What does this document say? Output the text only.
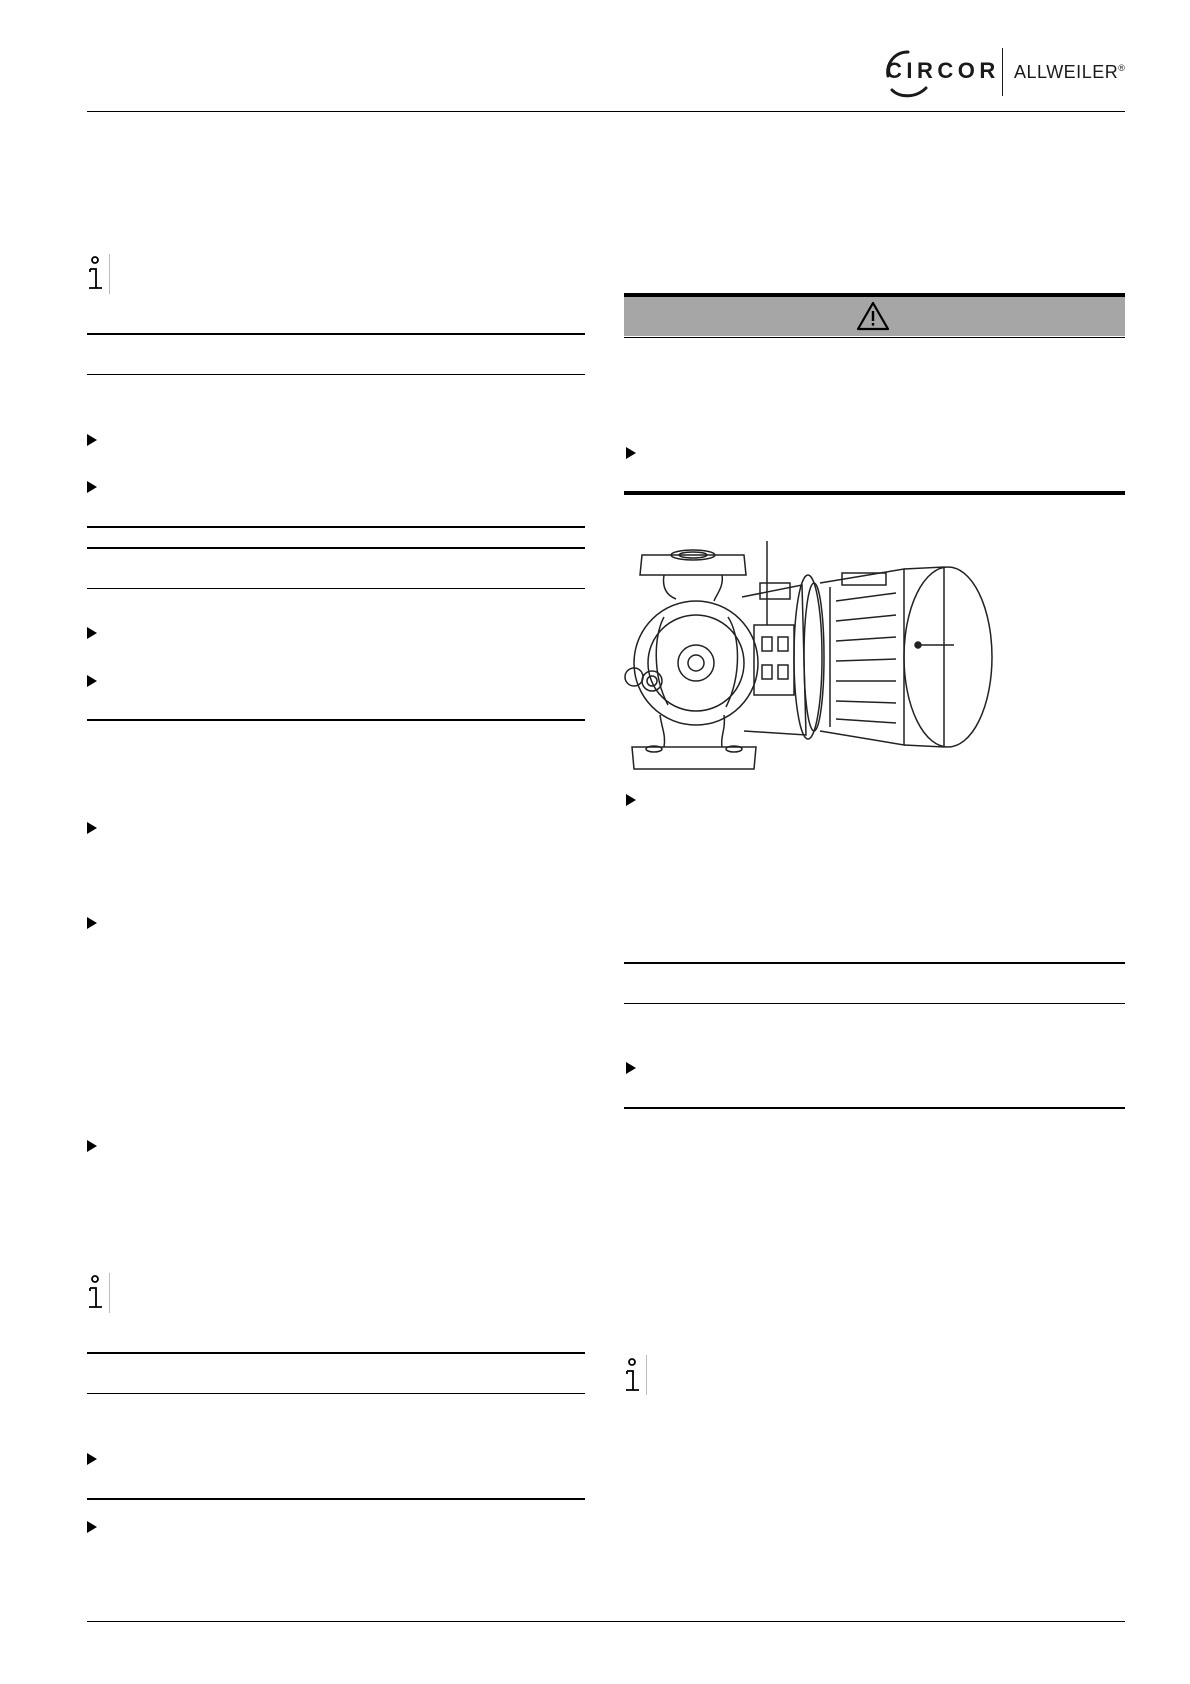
CIRCOR ALLWEILER®
